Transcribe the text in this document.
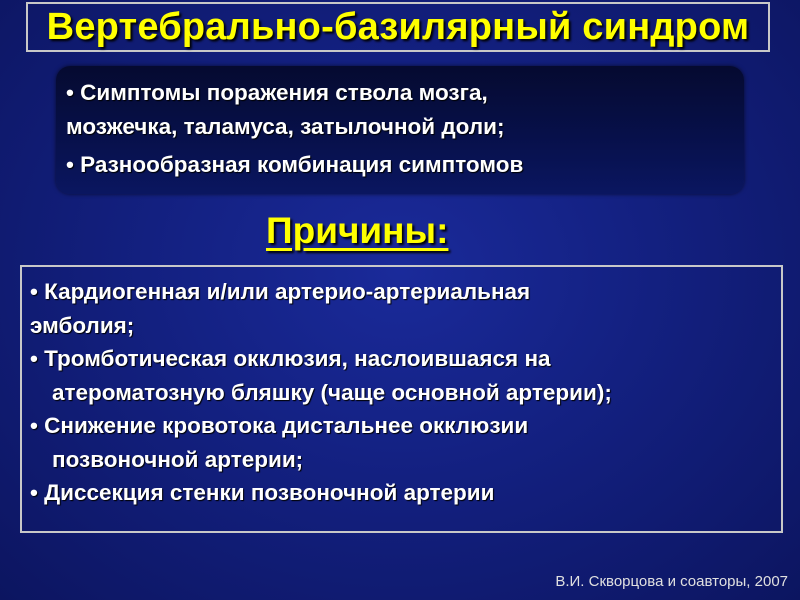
Вертебрально-базилярный синдром
• Симптомы поражения ствола мозга,
мозжечка, таламуса, затылочной доли;
• Разнообразная комбинация симптомов
Причины:
• Кардиогенная и/или артерио-артериальная
эмболия;
• Тромботическая окклюзия, наслоившаяся на
атероматозную бляшку (чаще основной артерии);
• Снижение кровотока дистальнее окклюзии
позвоночной артерии;
• Диссекция стенки позвоночной артерии
В.И. Скворцова и соавторы, 2007
